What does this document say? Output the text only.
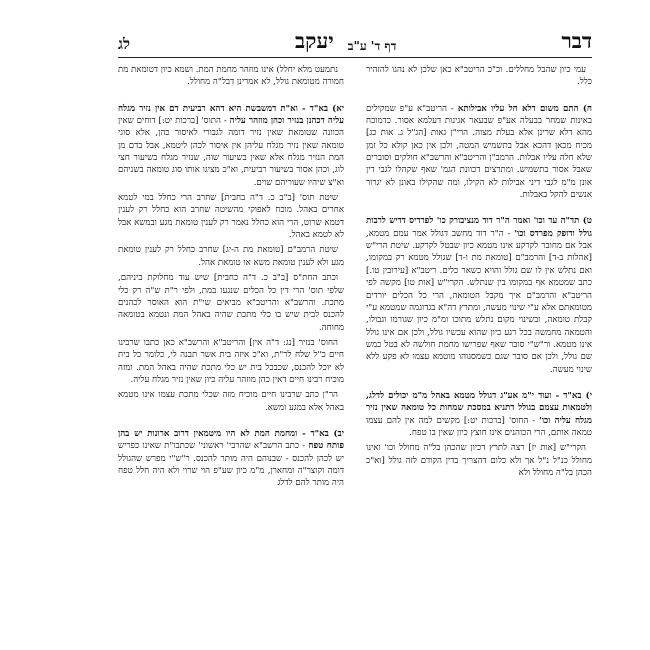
דבר
דף ד' ע"ב
יעקב
לג

עמי כיון שהבל מחללים. וכ"כ הריטב"א כאן שלכן לא נהגו להזהיר כלל.

ח) התם משום דלא חל עליו אבילותא - הריטב"א ע"פ שמקילים באינות שמחר בבעלה אע"פ שבעאר אגינות דעלמא אסור. כדמוכח מהא דלא שרינן אלא בעלת מצוה. הרי"ן גאות [הג"ל ג. אות כג] מכיח מכאן דהכא אבל בתשמיש המטה, ולכן אין כאן קולא כל זמן שלא חלה עליו אבלות. הרמב"ן והריטב"א והרשב"א חולקים וסוברים שאבל אסור בתשמיש. ומתרצים דכוונת הגמ' שאף שקהלו לגבי דין אונן מ"מ לגבי דיני אבילות לא הקילו, ומה שהקילו באונן לא יגרור אנשים להקל באבלות.

ט) תד"ה עד וכו' ואמר ה"ר דוד מנציבורק כו' לפרדיס דדיש לרבות גולל ודופק מפרדס וכו' - ה"ר דוד מחשב דגולל אמר עמם מטמא, אבל אם מחובר לקרקע אינו מטמא כיון שבטל לקרקע. שיטת הרי"ש [אהלות ב-ד] והרמב"ם [טומאת מת ו-ד] שגולל מטמא רק במקומו, ואם נתלש אין לו שם גולל והויא כשאר כלים. ריטב"א [עירובין טו.] כתב שמטמא אף במקומו בין שנתלש. הקרי"ש [אות טו] מקשה לפי הריטב"א והרמב"ם איך מקבל הטומאה, הרי כל הכלים יורדים מטומאתם אלא ע"י שינוי מעשה, ומתרץ דה"א בגדוגמה שמטמא ע"י קבלת טומאה, ובשינוי מקום נתלש מתוכו ומ"מ כיון שגורמו וגבולו, והטמאה מחמשה בכל רגע כיון שהוא עכשיו גולל, ולכן אם אינו גולל אינו מטמא. ור"ש"י סובר שאף שפרישו מחמת חולשה לא בטל כמש שם גולל, ולכן אם סובר שגם כשמסגוהו מוטמא עצמו לא פקע ללא שינוי מעשה.

י) בא"ד - ועוד י"מ אע"ג דגולל מטמא באהל מ"מ יכולים לדלג, ולטמאות עצמם בגולל דתניא במסכת שמחות כל טומאה שאין נזיר מגלח עליה וכו' - החוס' [ברכות יט:] מקשים למה אין להם עצמו טמאה אותם, הרי הכוהנים אינו חוצץ כיון שאין בו טפח.

הקרי"ש [אות יז] רצה לתרץ דכיון שהכהן בל"ה מחולל וכו' ואינו מחולל כנ"ל נ"ל אך ולא כלום דהצריך בדין הקודם לזה גולל [וא"כ הכהן בל"ה מחולל ולא

נתמעט מלא יחלל) אינו מוזהר מחמת המת. ושמא כיון דטומאת מת חמורה מטומאת גולל, לא אמרינן דבל"ה מחולל.

יא) בא"ד - וא"ת דמשבשת היא דהא רביעית דם אין נזיר מגלח עליה דכהנן בנזיר וכהן מוזהר עליה - התוס' [ברכות יט:] דוחים שאין הכוונה שטומאת שאין נזיר דומה לגבורי לאיסור כהן, אלא סוגי טומאה שאין נזיר מגלח עליהן אין איסור לכהן ליטמא, אבל בדם מן המת הנזיר מגלח אלא שאין בשיעור שוה, שנזיר מגלח בשיעור חצי לוג, וכהן אסור בשיעור רביעית, וא"כ מציגו אותו סוג טומאה בשניהם וא"צ שיהיו שעוריהם שוים.

שיטת תוס' [ב"ב כ. ד"ה בחבית] שחרב הרי כחלל במי לטמא אחרים באהל. מוכח לאפוקי מהשיטה שחרב הוא כחלל רק לענין דטמא שרוט, הרי הוא כחלל נאמר רק לענין טומאת מגע ובמשא אבל לא לטמא באהל.

שיטת הרמב"ם [טומאת מת ה-יג] שחרב כחלל רק לענין טומאת מגע ולא לענין טומאת משא או טומאת אהל.

וכתב החת"ס [ב"ב כ. ד"ה כחבית] שיש עוד מחלוקת ביניהם, שלפי תוס' הרי דין כל הכלים שנגעו במת, ולפי ר"ת ש"ה רק כלי מתכת. והרשב"א והריטב"א מביאים שי"ת הוא האוסר לכהנים להכנס לבית שיש בו כלי מתכת שהיה באהל המת ונטמא בטומאה מחוחה.

החוס' בנזיר [נג: ד"ה אין] והריטב"א והרשב"א כאן כתבו שרבינו חיים כ"ל שלח לר"ת, וא"כ איזה בית אשר תבנה לי, כלומר כל בית לא יוכל להכנס, שכבכל בית יש כלי מתכת שהיה באהל המת. ומזה מוכיח רבינו חיים דאין כהן מוזהר עליה כיון שאין נזיר מגלח עליה.

הר"ן כתב שרבינו חיים מוכיח מזה שכלי מתכת עצמו אינו מטמא באהל אלא במגע ומשא.

יב) בא"ד - ומחמת המת לא היו מיטמאין דרוב ארונות יש בהן פותח טפח - כתב הרשב"א שהרבי' ראשוני' שכתבו"ת שאינו כפריש יש לכהן להכנס - שבנוהם היה מותר להכנס. ר"ש"י מפרש שהגולל דומה וקוצר"ה ומחארן, מ"מ כיון שע"פ הוי שרוי ולא היה חלל טפח היה מותר להם לדלג
